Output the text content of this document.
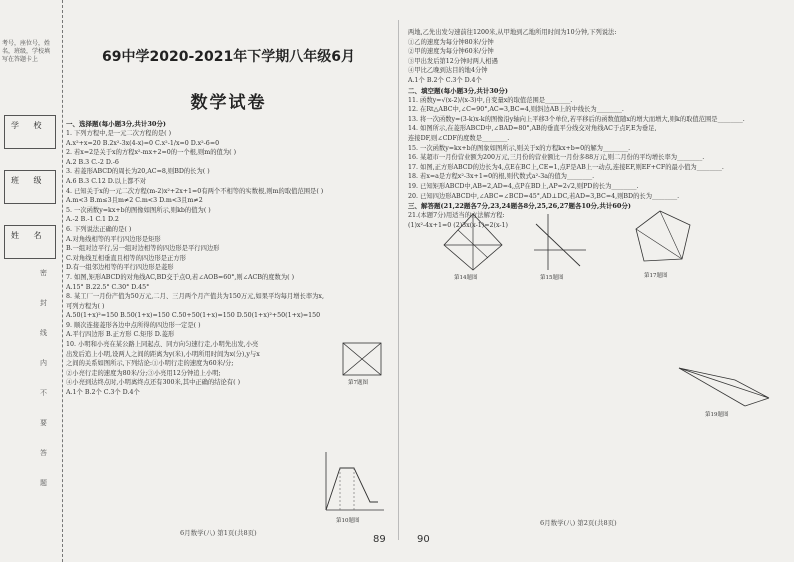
考号，座位号，姓名，班级，学校填写在答题卡上
学 校
班 级
姓 名
密
封
线
内
不
要
答
题
69中学2020-2021年下学期八年级6月
数学试卷
一、选择题(每小题3分,共计30分)
1. 下列方程中,是一元二次方程的是( )
A.x²+x=20 B.2x²-3x(4-x)=0 C.x²-1/x=0 D.x²-6=0
2. 若x=2是关于x的方程x²-mx+2=0的一个根,则m的值为( )
A.2 B.3 C.-2 D.-6
3. 若菱形ABCD的周长为20,AC=8,则BD的长为( )
A.6 B.3 C.12 D.以上都不对
4. 已知关于x的一元二次方程(m-2)x²+2x+1=0有两个不相等的实数根,则m的取值范围是( )
A.m<3 B.m≤3且m≠2 C.m<3 D.m<3且m≠2
5. 一次函数y=kx+b的图像如图所示,则kb的值为( )
A.-2 B.-1 C.1 D.2
6. 下列说法正确的是( )
A.对角线相等的平行四边形是矩形
B.一组对边平行,另一组对边相等的四边形是平行四边形
C.对角线互相垂直且相等的四边形是正方形
D.有一组邻边相等的平行四边形是菱形
7. 如图,矩形ABCD的对角线AC,BD交于点O,若∠AOB=60°,则∠ACB的度数为( )
A.15° B.22.5° C.30° D.45°
8. 某工厂一月份产值为50万元,二月、三月两个月产值共为150万元,如果平均每月增长率为x,
可列方程为( )
A.50(1+x)²=150 B.50(1+x)=150 C.50+50(1+x)=150 D.50(1+x)²+50(1+x)=150
9. 顺次连接菱形各边中点所得的四边形一定是( )
A.平行四边形 B.正方形 C.矩形 D.菱形
10. 小明和小亮在某公路上同起点、同方向匀速行走,小明先出发,小亮
出发后追上小明,设两人之间的距离为y(米),小明所用时间为x(分),y与x
之间的关系如图所示,下列结论:①小明行走的速度为60米/分;
②小亮行走的速度为80米/分;③小亮用12分钟追上小明;
④小亮到达终点时,小明离终点还有300米,其中正确的结论有( )
A.1个 B.2个 C.3个 D.4个
两地,乙先出发匀速前往1200米,从甲地到乙地所用时间为10分钟,下列说法:
①乙的速度为每分钟80米/分钟
②甲的速度为每分钟60米/分钟
③甲出发后第12分钟时两人相遇
④甲比乙晚到达目的地4分钟
A.1个 B.2个 C.3个 D.4个
二、填空题(每小题3分,共计30分)
11. 函数y=√(x-2)/(x-3)中,自变量x的取值范围是________.
12. 在Rt△ABC中,∠C=90°,AC=3,BC=4,则斜边AB上的中线长为________.
13. 将一次函数y=(3-k)x-k的图像沿y轴向上平移3个单位,若平移后的函数值随x的增大而增大,则k的取值范围是________.
14. 如图所示,在菱形ABCD中,∠BAD=80°,AB的垂直平分线交对角线AC于点F,E为垂足,
连接DF,则∠CDF的度数是________.
15. 一次函数y=kx+b的图象如图所示,则关于x的方程kx+b=0的解为________.
16. 某超市一月份营业额为200万元,三月份的营业额比一月份多88万元,则二月份的平均增长率为________.
17. 如图,正方形ABCD的边长为4,点E在BC上,CE=1,点F是AB上一动点,连接EF,则EF+CF的最小值为________.
18. 若x=a是方程x²-3x+1=0的根,则代数式a²-3a的值为________.
19. 已知矩形ABCD中,AB=2,AD=4,点P在BD上,AP=2√2,则PD的长为________.
20. 已知四边形ABCD中,∠ABC=∠BCD=45°,AD⊥DC,若AD=3,BC=4,则BD的长为________.
三、解答题(21,22题各7分,23,24题各8分,25,26,27题各10分,共计60分)
21.(本题7分)用适当的方法解方程:
(1)x²-4x+1=0 (2)3x(x-1)=2(x-1)
第7题图
第10题图
第14题图	第15题图	第17题图
第19题图
89	90
6月数学(八) 第1页(共8页)
6月数学(八) 第2页(共8页)
